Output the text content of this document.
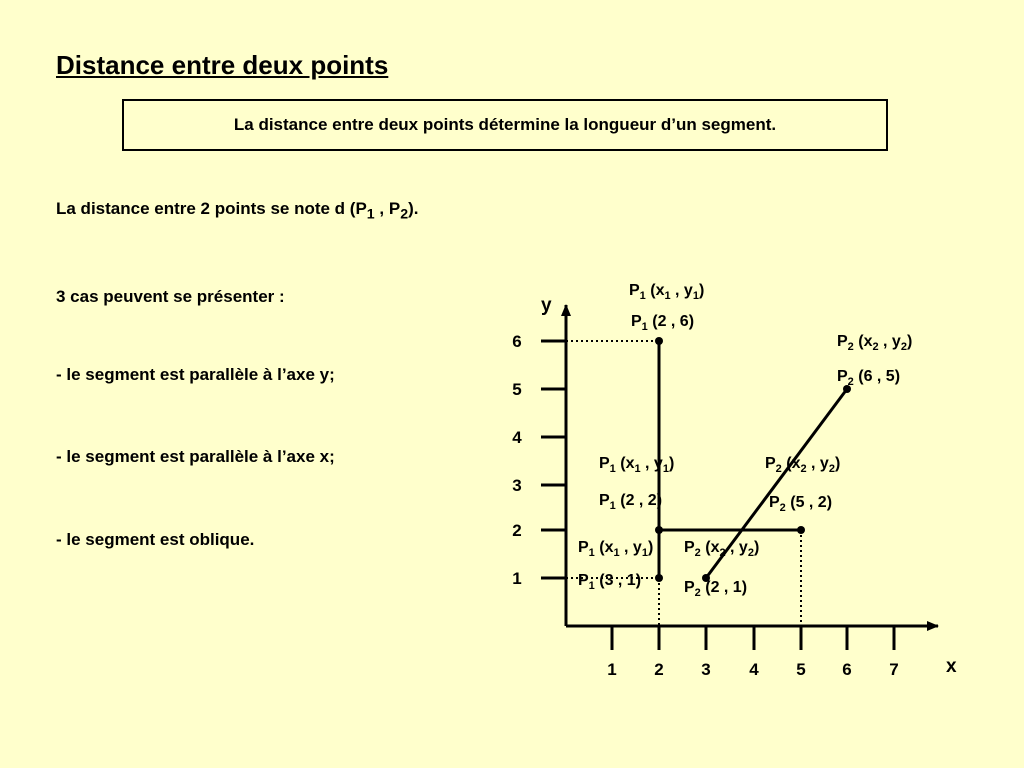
Distance entre deux points
La distance entre deux points détermine la longueur d’un segment.
La distance entre 2 points se note d ($P_1$ , $P_2$).
3 cas peuvent se présenter :
- le segment est parallèle à l’axe y;
- le segment est parallèle à l’axe x;
- le segment est oblique.
x
y
1 2 3 4 5 6 7
1
2
3
4
5
6
$P_1$ ($x_1$ , $y_1$)
$P_1$ (2 , 6)
$P_1$ ($x_1$ , $y_1$)
$P_1$ (3 , 1)
$P_1$ ($x_1$ , $y_1$)
$P_1$ (2 , 2)
$P_2$ ($x_2$ , $y_2$)
$P_2$ (5 , 2)
$P_2$ ($x_2$ , $y_2$)
$P_2$ (2 , 1)
$P_2$ ($x_2$ , $y_2$)
$P_2$ (6 , 5)
